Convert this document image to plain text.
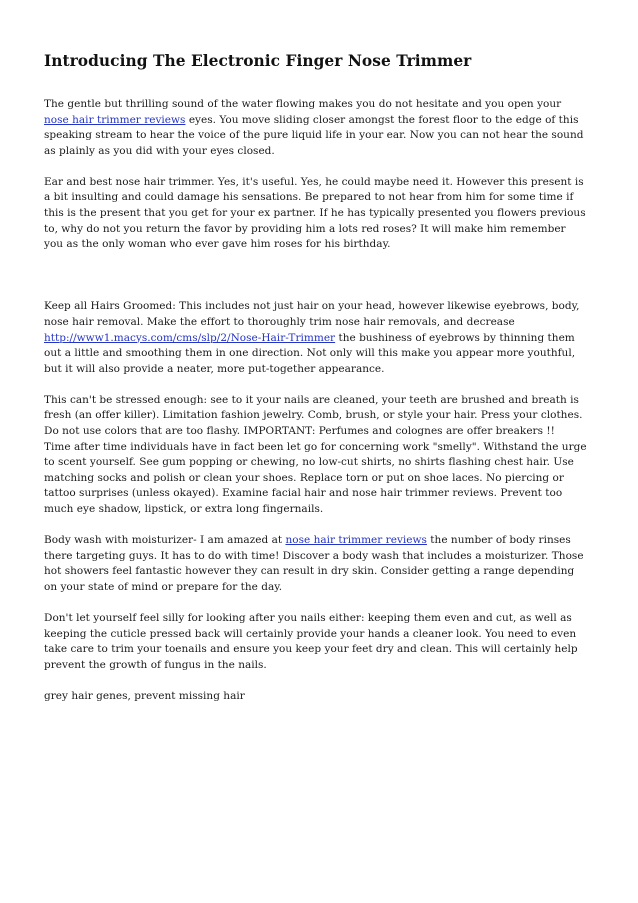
Introducing The Electronic Finger Nose Trimmer

The gentle but thrilling sound of the water flowing makes you do not hesitate and you open your
nose hair trimmer reviews eyes. You move sliding closer amongst the forest floor to the edge of this
speaking stream to hear the voice of the pure liquid life in your ear. Now you can not hear the sound
as plainly as you did with your eyes closed.

Ear and best nose hair trimmer. Yes, it's useful. Yes, he could maybe need it. However this present is
a bit insulting and could damage his sensations. Be prepared to not hear from him for some time if
this is the present that you get for your ex partner. If he has typically presented you flowers previous
to, why do not you return the favor by providing him a lots red roses? It will make him remember
you as the only woman who ever gave him roses for his birthday.

Keep all Hairs Groomed: This includes not just hair on your head, however likewise eyebrows, body,
nose hair removal. Make the effort to thoroughly trim nose hair removals, and decrease
http://www1.macys.com/cms/slp/2/Nose-Hair-Trimmer the bushiness of eyebrows by thinning them
out a little and smoothing them in one direction. Not only will this make you appear more youthful,
but it will also provide a neater, more put-together appearance.

This can't be stressed enough: see to it your nails are cleaned, your teeth are brushed and breath is
fresh (an offer killer). Limitation fashion jewelry. Comb, brush, or style your hair. Press your clothes.
Do not use colors that are too flashy. IMPORTANT: Perfumes and colognes are offer breakers !!
Time after time individuals have in fact been let go for concerning work "smelly". Withstand the urge
to scent yourself. See gum popping or chewing, no low-cut shirts, no shirts flashing chest hair. Use
matching socks and polish or clean your shoes. Replace torn or put on shoe laces. No piercing or
tattoo surprises (unless okayed). Examine facial hair and nose hair trimmer reviews. Prevent too
much eye shadow, lipstick, or extra long fingernails.

Body wash with moisturizer- I am amazed at nose hair trimmer reviews the number of body rinses
there targeting guys. It has to do with time! Discover a body wash that includes a moisturizer. Those
hot showers feel fantastic however they can result in dry skin. Consider getting a range depending
on your state of mind or prepare for the day.

Don't let yourself feel silly for looking after you nails either: keeping them even and cut, as well as
keeping the cuticle pressed back will certainly provide your hands a cleaner look. You need to even
take care to trim your toenails and ensure you keep your feet dry and clean. This will certainly help
prevent the growth of fungus in the nails.

grey hair genes, prevent missing hair
